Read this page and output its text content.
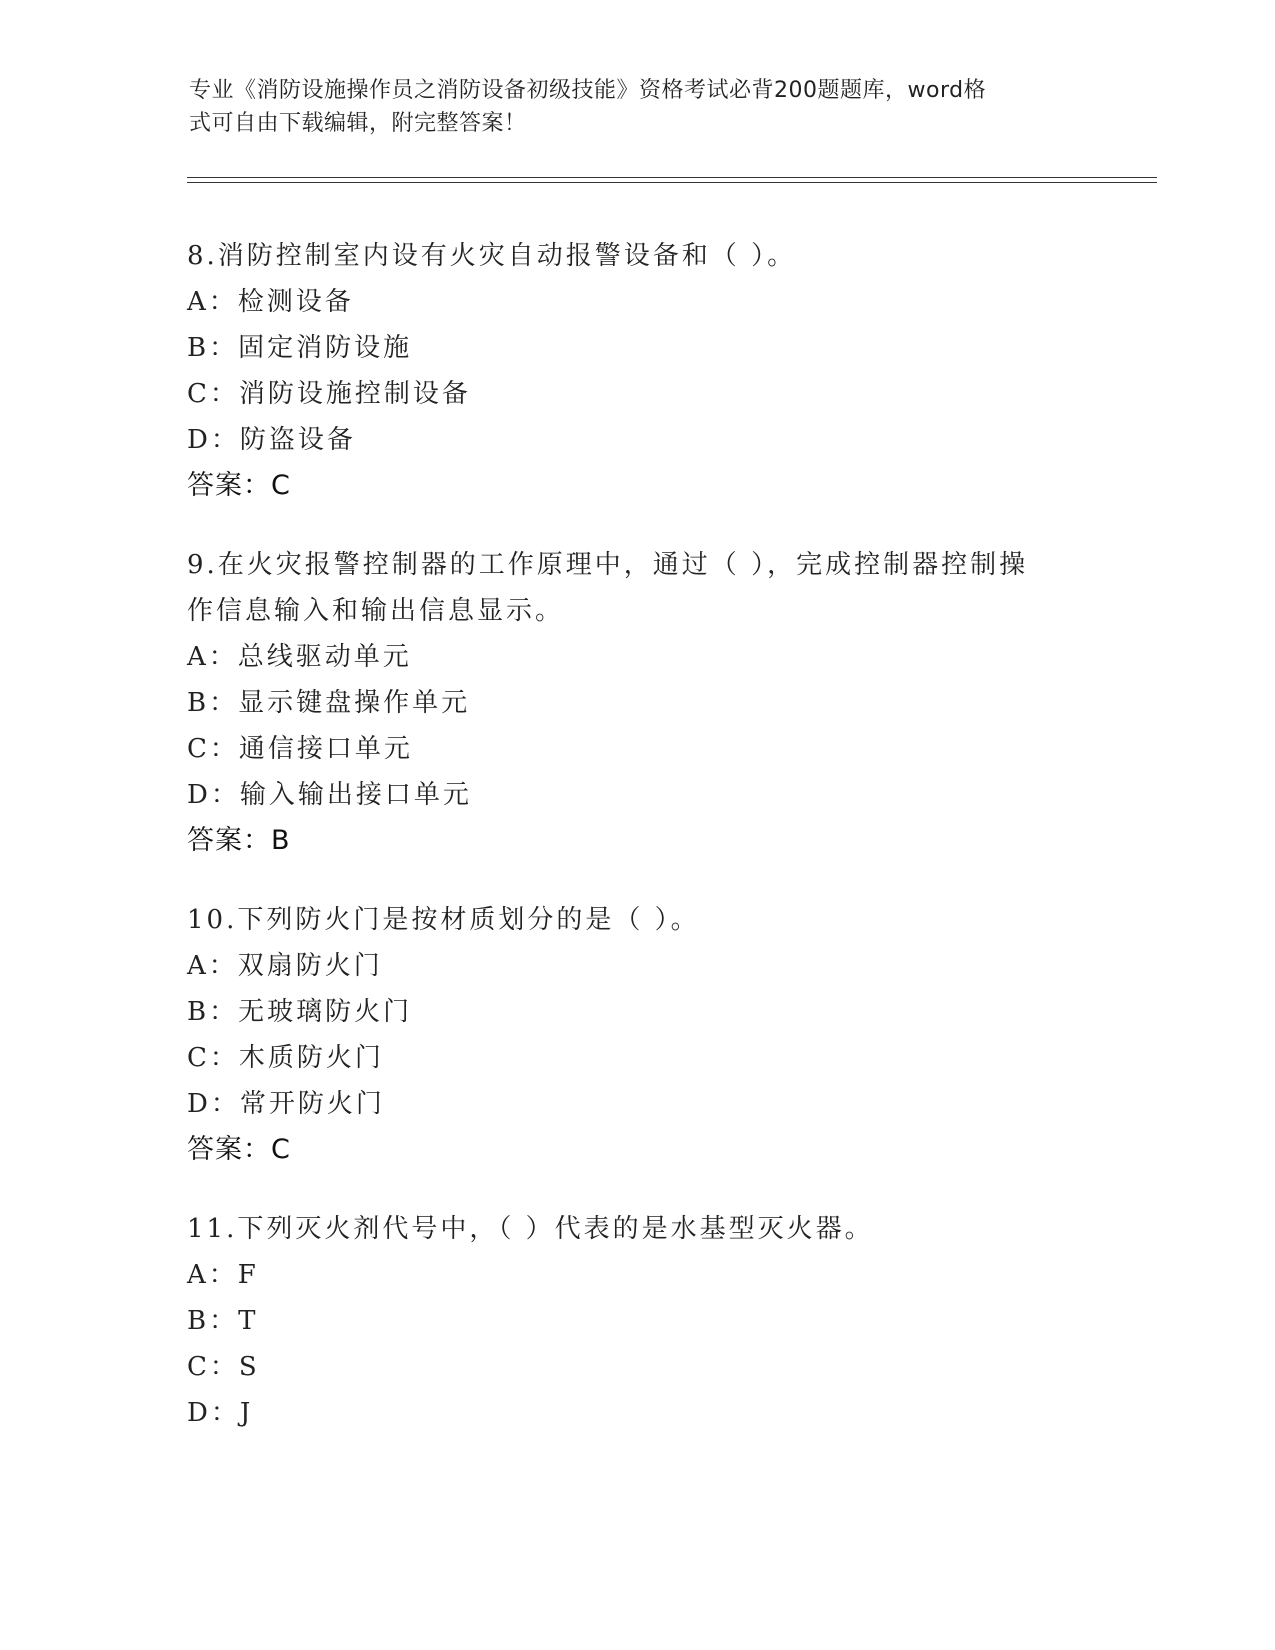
专业《消防设施操作员之消防设备初级技能》资格考试必背200题题库，word格
式可自由下载编辑，附完整答案！
8.消防控制室内设有火灾自动报警设备和（ ）。
A：检测设备
B：固定消防设施
C：消防设施控制设备
D：防盗设备
答案：C
9.在火灾报警控制器的工作原理中，通过（ ），完成控制器控制操
作信息输入和输出信息显示。
A：总线驱动单元
B：显示键盘操作单元
C：通信接口单元
D：输入输出接口单元
答案：B
10.下列防火门是按材质划分的是（ ）。
A：双扇防火门
B：无玻璃防火门
C：木质防火门
D：常开防火门
答案：C
11.下列灭火剂代号中，（ ）代表的是水基型灭火器。
A：F
B：T
C：S
D：J
